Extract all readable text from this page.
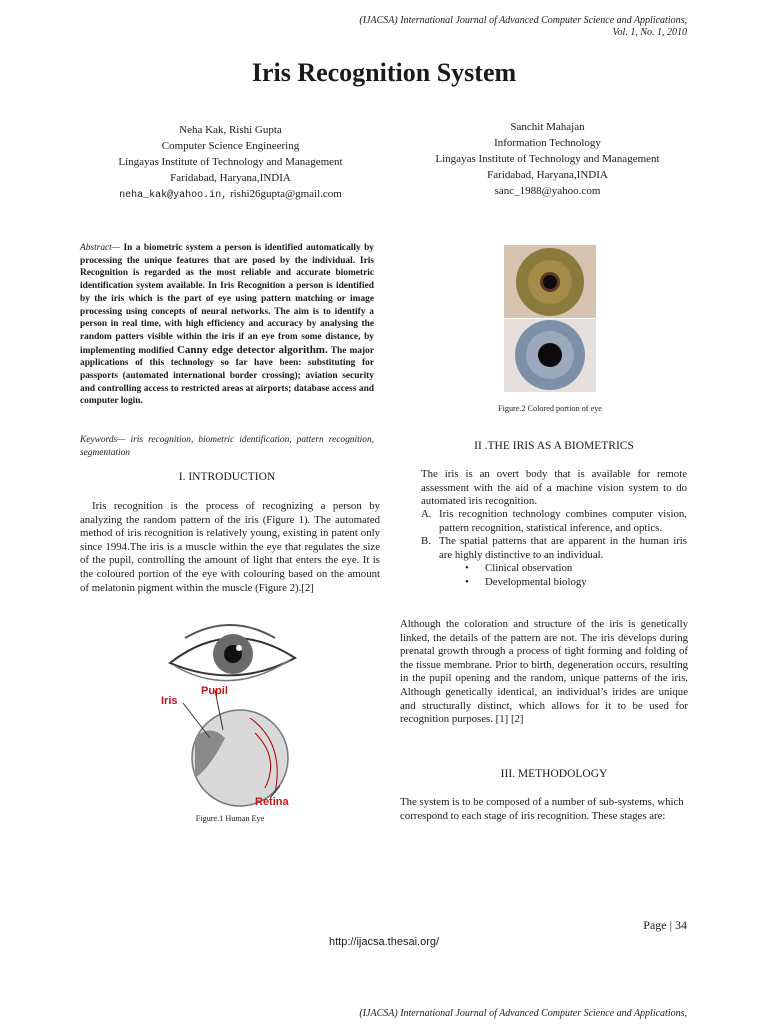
(IJACSA) International Journal of Advanced Computer Science and Applications,
Vol. 1, No. 1, 2010
Iris Recognition System
Neha Kak, Rishi Gupta
Computer Science Engineering
Lingayas Institute of Technology and Management
Faridabad, Haryana,INDIA
neha_kak@yahoo.in, rishi26gupta@gmail.com
Sanchit Mahajan
Information Technology
Lingayas Institute of Technology and Management
Faridabad, Haryana,INDIA
sanc_1988@yahoo.com
Abstract— In a biometric system a person is identified automatically by processing the unique features that are posed by the individual. Iris Recognition is regarded as the most reliable and accurate biometric identification system available. In Iris Recognition a person is identified by the iris which is the part of eye using pattern matching or image processing using concepts of neural networks. The aim is to identify a person in real time, with high efficiency and accuracy by analysing the random patters visible within the iris if an eye from some distance, by implementing modified Canny edge detector algorithm. The major applications of this technology so far have been: substituting for passports (automated international border crossing); aviation security and controlling access to restricted areas at airports; database access and computer login.
Keywords— iris recognition, biometric identification, pattern recognition, segmentation
I. INTRODUCTION

Iris recognition is the process of recognizing a person by analyzing the random pattern of the iris (Figure 1). The automated method of iris recognition is relatively young, existing in patent only since 1994.The iris is a muscle within the eye that regulates the size of the pupil, controlling the amount of light that enters the eye. It is the coloured portion of the eye with colouring based on the amount of melatonin pigment within the muscle (Figure 2).[2]

Iris
Pupil
Retina
Figure.1 Human Eye
Figure.2 Colored portion of eye
II .THE IRIS AS A BIOMETRICS

The iris is an overt body that is available for remote assessment with the aid of a machine vision system to do automated iris recognition.

A. Iris recognition technology combines computer vision, pattern recognition, statistical inference, and optics.
B. The spatial patterns that are apparent in the human iris are highly distinctive to an individual.
•	Clinical observation
•	Developmental biology

Although the coloration and structure of the iris is genetically linked, the details of the pattern are not. The iris develops during prenatal growth through a process of tight forming and folding of the tissue membrane. Prior to birth, degeneration occurs, resulting in the pupil opening and the random, unique patterns of the iris. Although genetically identical, an individual’s irides are unique and structurally distinct, which allows for it to be used for recognition purposes. [1] [2]

III. METHODOLOGY

The system is to be composed of a number of sub-systems, which correspond to each stage of iris recognition. These stages are:

Page | 34
http://ijacsa.thesai.org/
(IJACSA) International Journal of Advanced Computer Science and Applications,
